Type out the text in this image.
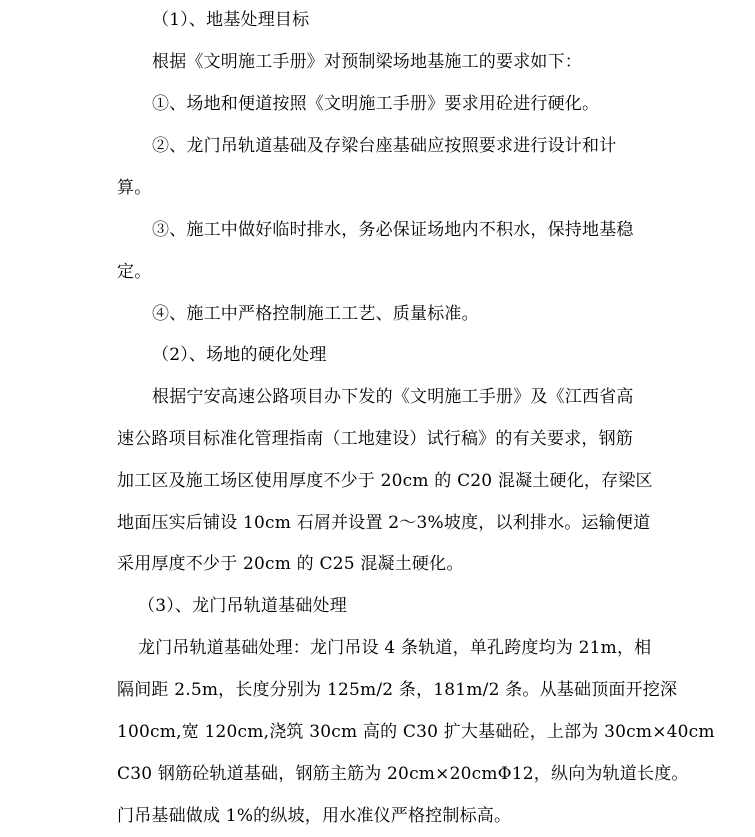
（1）、地基处理目标
根据《文明施工手册》对预制梁场地基施工的要求如下：
①、场地和便道按照《文明施工手册》要求用砼进行硬化。
②、龙门吊轨道基础及存梁台座基础应按照要求进行设计和计
算。
③、施工中做好临时排水，务必保证场地内不积水，保持地基稳
定。
④、施工中严格控制施工工艺、质量标准。
（2）、场地的硬化处理
根据宁安高速公路项目办下发的《文明施工手册》及《江西省高
速公路项目标准化管理指南（工地建设）试行稿》的有关要求，钢筋
加工区及施工场区使用厚度不少于 20cm 的 C20 混凝土硬化，存梁区
地面压实后铺设 10cm 石屑并设置 2～3%坡度，以利排水。运输便道
采用厚度不少于 20cm 的 C25 混凝土硬化。
（3）、龙门吊轨道基础处理
龙门吊轨道基础处理：龙门吊设 4 条轨道，单孔跨度均为 21m，相
隔间距 2.5m，长度分别为 125m/2 条，181m/2 条。从基础顶面开挖深
100cm,宽 120cm,浇筑 30cm 高的 C30 扩大基础砼，上部为 30cm×40cm
C30 钢筋砼轨道基础，钢筋主筋为 20cm×20cmΦ12，纵向为轨道长度。
门吊基础做成 1%的纵坡，用水准仪严格控制标高。
